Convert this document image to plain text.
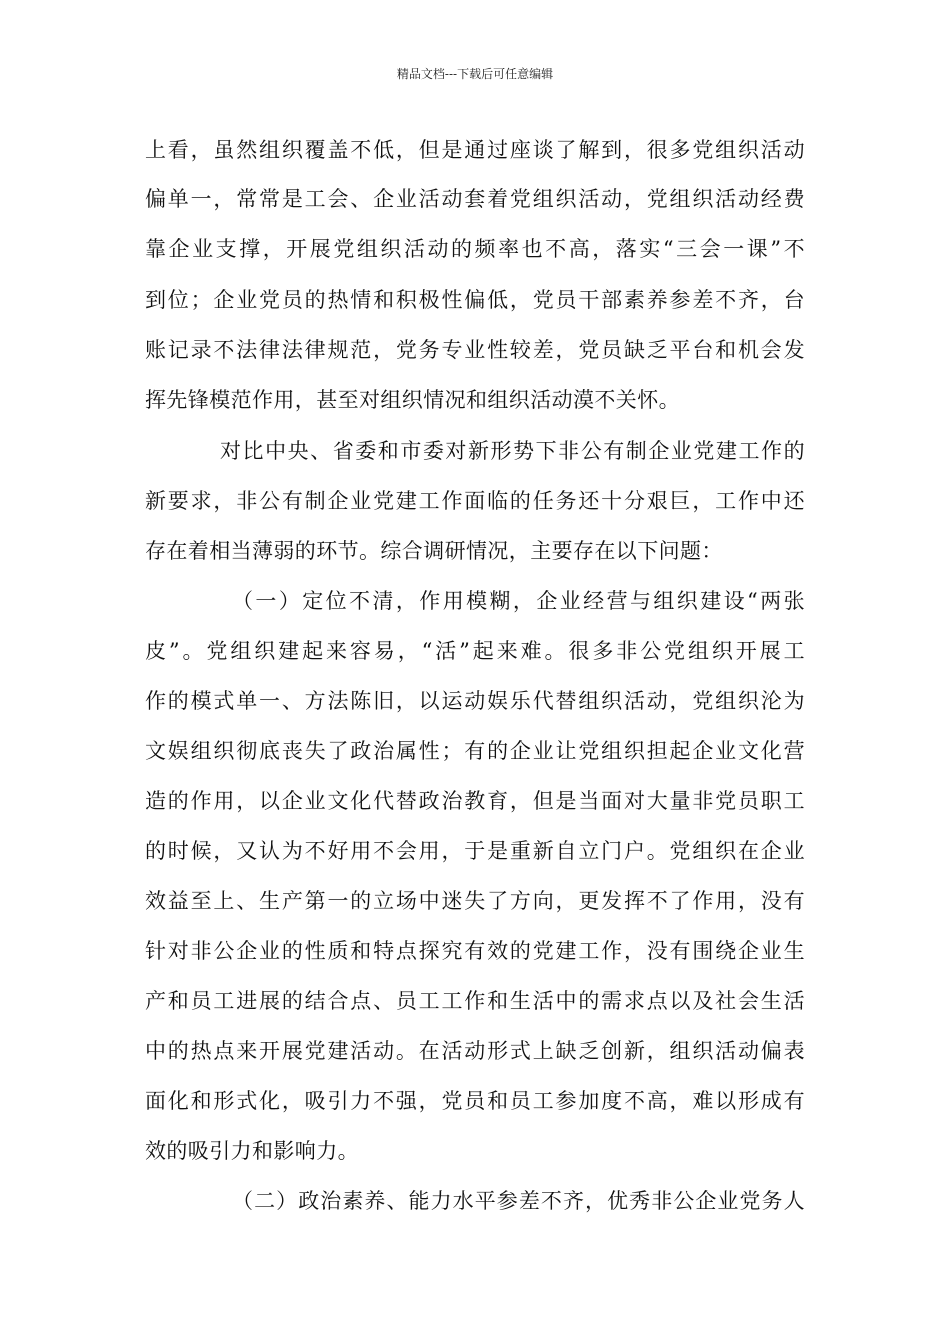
精品文档---下载后可任意编辑
上看，虽然组织覆盖不低，但是通过座谈了解到，很多党组织活动
偏单一，常常是工会、企业活动套着党组织活动，党组织活动经费
靠企业支撑，开展党组织活动的频率也不高，落实“三会一课”不
到位；企业党员的热情和积极性偏低，党员干部素养参差不齐，台
账记录不法律法律规范，党务专业性较差，党员缺乏平台和机会发
挥先锋模范作用，甚至对组织情况和组织活动漠不关怀。
对比中央、省委和市委对新形势下非公有制企业党建工作的
新要求，非公有制企业党建工作面临的任务还十分艰巨，工作中还
存在着相当薄弱的环节。综合调研情况，主要存在以下问题：
（一）定位不清，作用模糊，企业经营与组织建设“两张
皮”。党组织建起来容易，“活”起来难。很多非公党组织开展工
作的模式单一、方法陈旧，以运动娱乐代替组织活动，党组织沦为
文娱组织彻底丧失了政治属性；有的企业让党组织担起企业文化营
造的作用，以企业文化代替政治教育，但是当面对大量非党员职工
的时候，又认为不好用不会用，于是重新自立门户。党组织在企业
效益至上、生产第一的立场中迷失了方向，更发挥不了作用，没有
针对非公企业的性质和特点探究有效的党建工作，没有围绕企业生
产和员工进展的结合点、员工工作和生活中的需求点以及社会生活
中的热点来开展党建活动。在活动形式上缺乏创新，组织活动偏表
面化和形式化，吸引力不强，党员和员工参加度不高，难以形成有
效的吸引力和影响力。
（二）政治素养、能力水平参差不齐，优秀非公企业党务人
